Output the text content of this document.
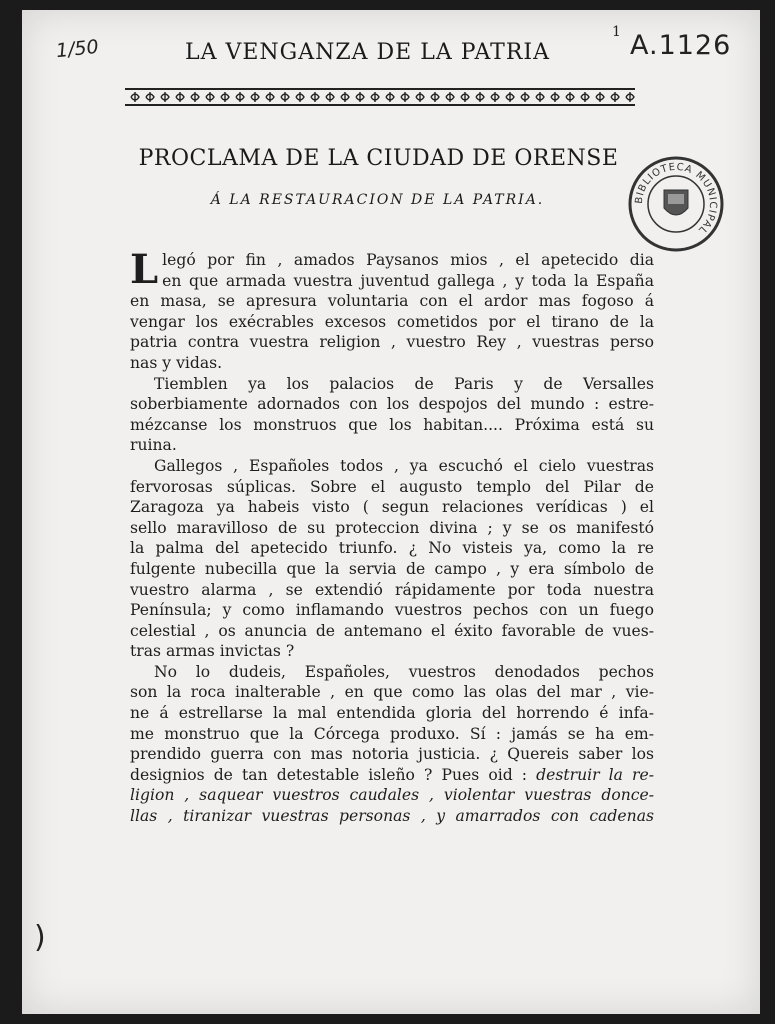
1/50
1 A.1126
LA VENGANZA DE LA PATRIA
PROCLAMA DE LA CIUDAD DE ORENSE
Á LA RESTAURACION DE LA PATRIA.	BIBLIOTECA MUNICIPAL
Llegó por fin , amados Paysanos mios , el apetecido dia
en que armada vuestra juventud gallega , y toda la España
en masa, se apresura voluntaria con el ardor mas fogoso á
vengar los exécrables excesos cometidos por el tirano de la
patria contra vuestra religion , vuestro Rey , vuestras perso
nas y vidas.
Tiemblen ya los palacios de Paris y de Versalles
soberbiamente adornados con los despojos del mundo : estre-
mézcanse los monstruos que los habitan.... Próxima está su
ruina.
Gallegos , Españoles todos , ya escuchó el cielo vuestras
fervorosas súplicas. Sobre el augusto templo del Pilar de
Zaragoza ya habeis visto ( segun relaciones verídicas ) el
sello maravilloso de su proteccion divina ; y se os manifestó
la palma del apetecido triunfo. ¿ No visteis ya, como la re
fulgente nubecilla que la servia de campo , y era símbolo de
vuestro alarma , se extendió rápidamente por toda nuestra
Península; y como inflamando vuestros pechos con un fuego
celestial , os anuncia de antemano el éxito favorable de vues-
tras armas invictas ?
No lo dudeis, Españoles, vuestros denodados pechos
son la roca inalterable , en que como las olas del mar , vie-
ne á estrellarse la mal entendida gloria del horrendo é infa-
me monstruo que la Córcega produxo. Sí : jamás se ha em-
prendido guerra con mas notoria justicia. ¿ Quereis saber los
designios de tan detestable isleño ? Pues oid : destruir la re-
ligion , saquear vuestros caudales , violentar vuestras donce-
llas , tiranizar vuestras personas , y amarrados con cadenas
)
